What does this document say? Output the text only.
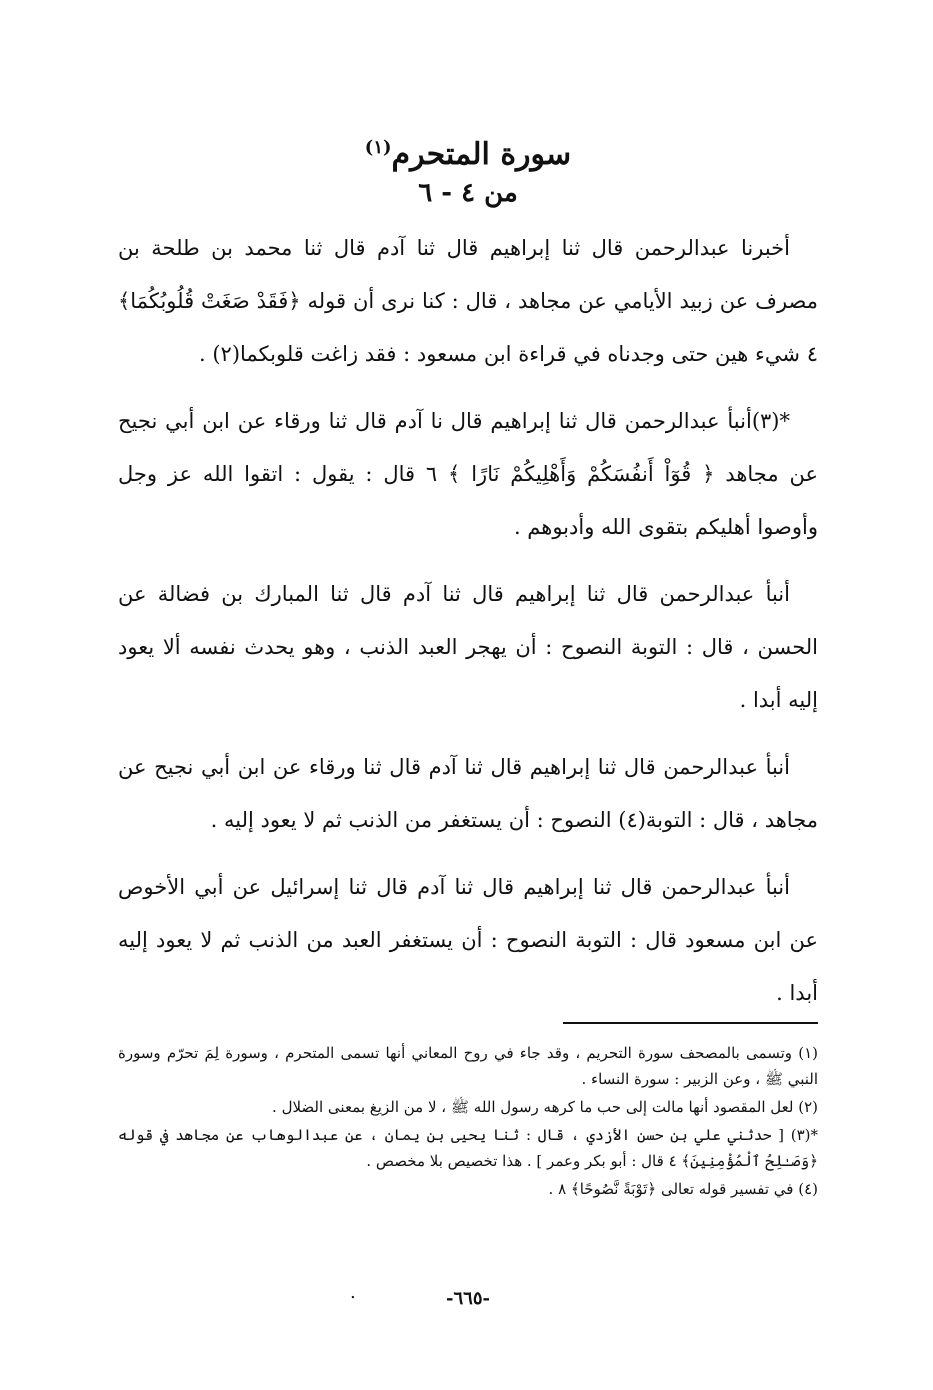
سورة المتحرم$^{(١)}$
من ٤ - ٦

أخبرنا عبدالرحمن قال ثنا إبراهيم قال ثنا آدم قال ثنا محمد بن طلحة بن مصرف عن زبيد الأيامي عن مجاهد ، قال : كنا نرى أن قوله ﴿فَقَدْ صَغَتْ قُلُوبُكُمَا﴾ ٤ شيء هين حتى وجدناه في قراءة ابن مسعود : فقد زاغت قلوبكما(٢) .

*(٣)أنبأ عبدالرحمن قال ثنا إبراهيم قال نا آدم قال ثنا ورقاء عن ابن أبي نجيح عن مجاهد ﴿ قُوٓاْ أَنفُسَكُمْ وَأَهْلِيكُمْ نَارًا ﴾ ٦ قال : يقول : اتقوا الله عز وجل وأوصوا أهليكم بتقوى الله وأدبوهم .

أنبأ عبدالرحمن قال ثنا إبراهيم قال ثنا آدم قال ثنا المبارك بن فضالة عن الحسن ، قال : التوبة النصوح : أن يهجر العبد الذنب ، وهو يحدث نفسه ألا يعود إليه أبدا .

أنبأ عبدالرحمن قال ثنا إبراهيم قال ثنا آدم قال ثنا ورقاء عن ابن أبي نجيح عن مجاهد ، قال : التوبة(٤) النصوح : أن يستغفر من الذنب ثم لا يعود إليه .

أنبأ عبدالرحمن قال ثنا إبراهيم قال ثنا آدم قال ثنا إسرائيل عن أبي الأخوص عن ابن مسعود قال : التوبة النصوح : أن يستغفر العبد من الذنب ثم لا يعود إليه أبدا .

(١) وتسمى بالمصحف سورة التحريم ، وقد جاء في روح المعاني أنها تسمى المتحرم ، وسورة لِمَ تحرّم وسورة النبي ﷺ ، وعن الزبير : سورة النساء .

(٢) لعل المقصود أنها مالت إلى حب ما كرهه رسول الله ﷺ ، لا من الزيغ بمعنى الضلال .

*(٣) [ حدثني علي بن حسن الأزدي ، قال : ثنا يحيى بن يمان ، عن عبدالوهاب عن مجاهد في قوله ﴿وَصَـٰلِحُ ٱلْمُؤْمِنِينَ﴾ ٤ قال : أبو بكر وعمر ] . هذا تخصيص بلا مخصص .

(٤) في تفسير قوله تعالى ﴿تَوْبَةً نَّصُوحًا﴾ ٨ .

.	-٦٦٥-
